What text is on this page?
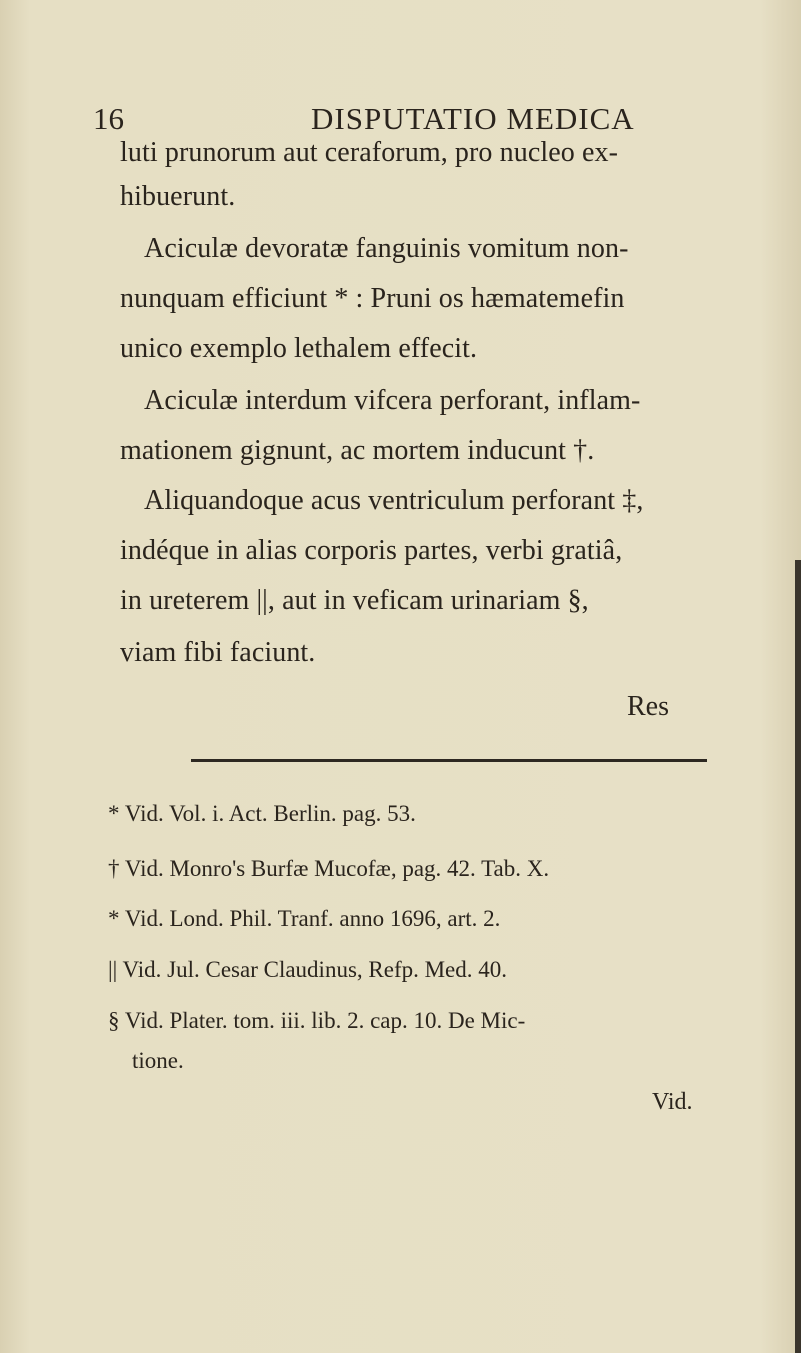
16	DISPUTATIO MEDICA
luti prunorum aut ceraforum, pro nucleo ex-
hibuerunt.
Aciculæ devoratæ fanguinis vomitum non-
nunquam efficiunt * : Pruni os hæmatemefin
unico exemplo lethalem effecit.
Aciculæ interdum vifcera perforant, inflam-
mationem gignunt, ac mortem inducunt †.
Aliquandoque acus ventriculum perforant ‡,
indéque in alias corporis partes, verbi gratiâ,
in ureterem ||, aut in veficam urinariam §,
viam fibi faciunt.
Res
* Vid. Vol. i. Act. Berlin. pag. 53.
† Vid. Monro's Burfæ Mucofæ, pag. 42. Tab. X.
* Vid. Lond. Phil. Tranf. anno 1696, art. 2.
|| Vid. Jul. Cesar Claudinus, Refp. Med. 40.
§ Vid. Plater. tom. iii. lib. 2. cap. 10. De Mic-
tione.
Vid.
